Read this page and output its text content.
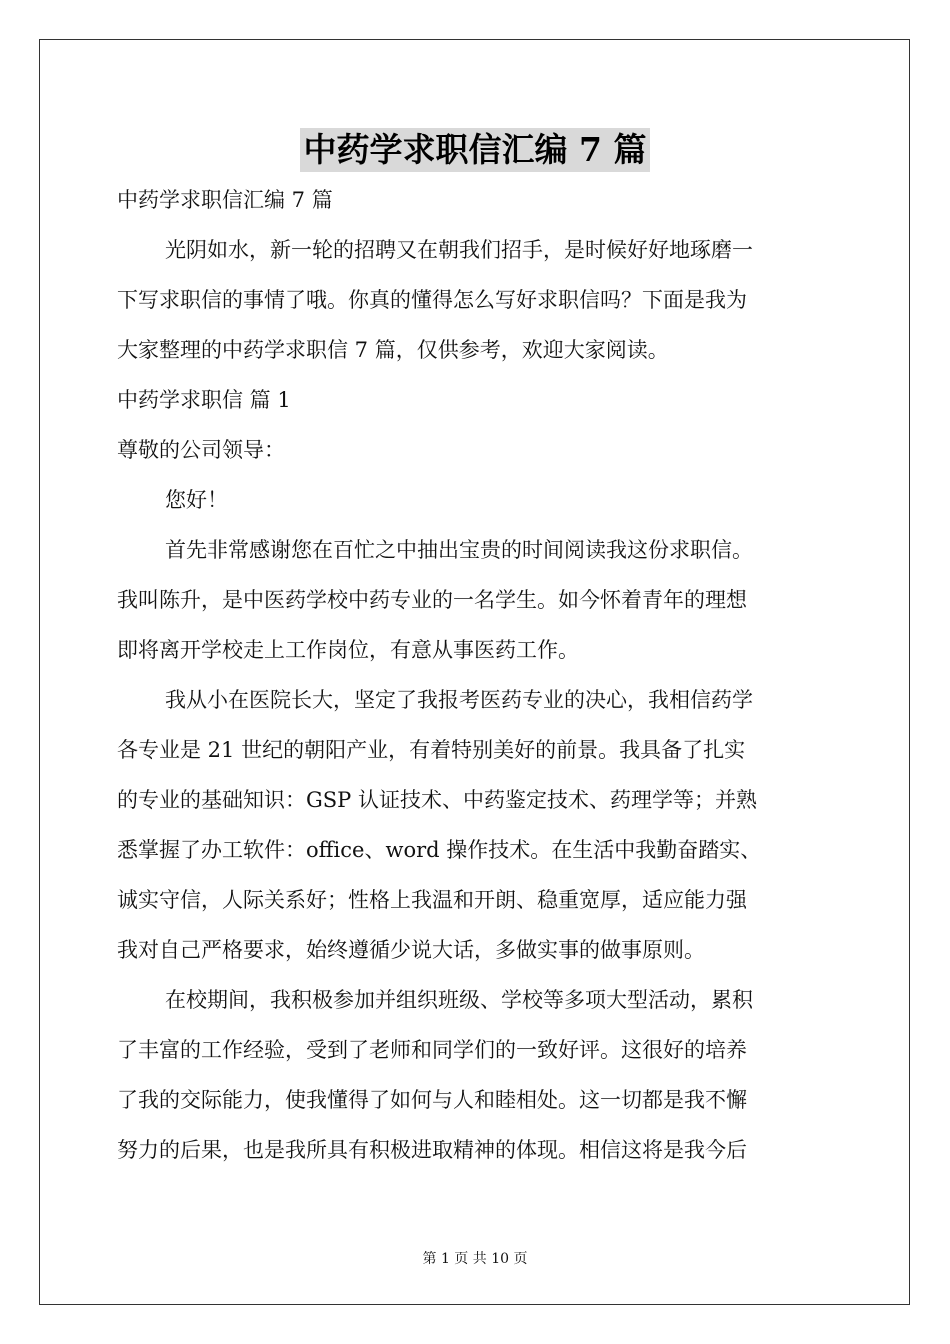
中药学求职信汇编 7 篇
中药学求职信汇编 7 篇
光阴如水，新一轮的招聘又在朝我们招手，是时候好好地琢磨一
下写求职信的事情了哦。你真的懂得怎么写好求职信吗？下面是我为
大家整理的中药学求职信 7 篇，仅供参考，欢迎大家阅读。
中药学求职信 篇 1
尊敬的公司领导：
您好！
首先非常感谢您在百忙之中抽出宝贵的时间阅读我这份求职信。
我叫陈升，是中医药学校中药专业的一名学生。如今怀着青年的理想
即将离开学校走上工作岗位，有意从事医药工作。
我从小在医院长大，坚定了我报考医药专业的决心，我相信药学
各专业是 21 世纪的朝阳产业，有着特别美好的前景。我具备了扎实
的专业的基础知识：GSP 认证技术、中药鉴定技术、药理学等；并熟
悉掌握了办工软件：office、word 操作技术。在生活中我勤奋踏实、
诚实守信，人际关系好；性格上我温和开朗、稳重宽厚，适应能力强
我对自己严格要求，始终遵循少说大话，多做实事的做事原则。
在校期间，我积极参加并组织班级、学校等多项大型活动，累积
了丰富的工作经验，受到了老师和同学们的一致好评。这很好的培养
了我的交际能力，使我懂得了如何与人和睦相处。这一切都是我不懈
努力的后果，也是我所具有积极进取精神的体现。相信这将是我今后
第 1 页 共 10 页
